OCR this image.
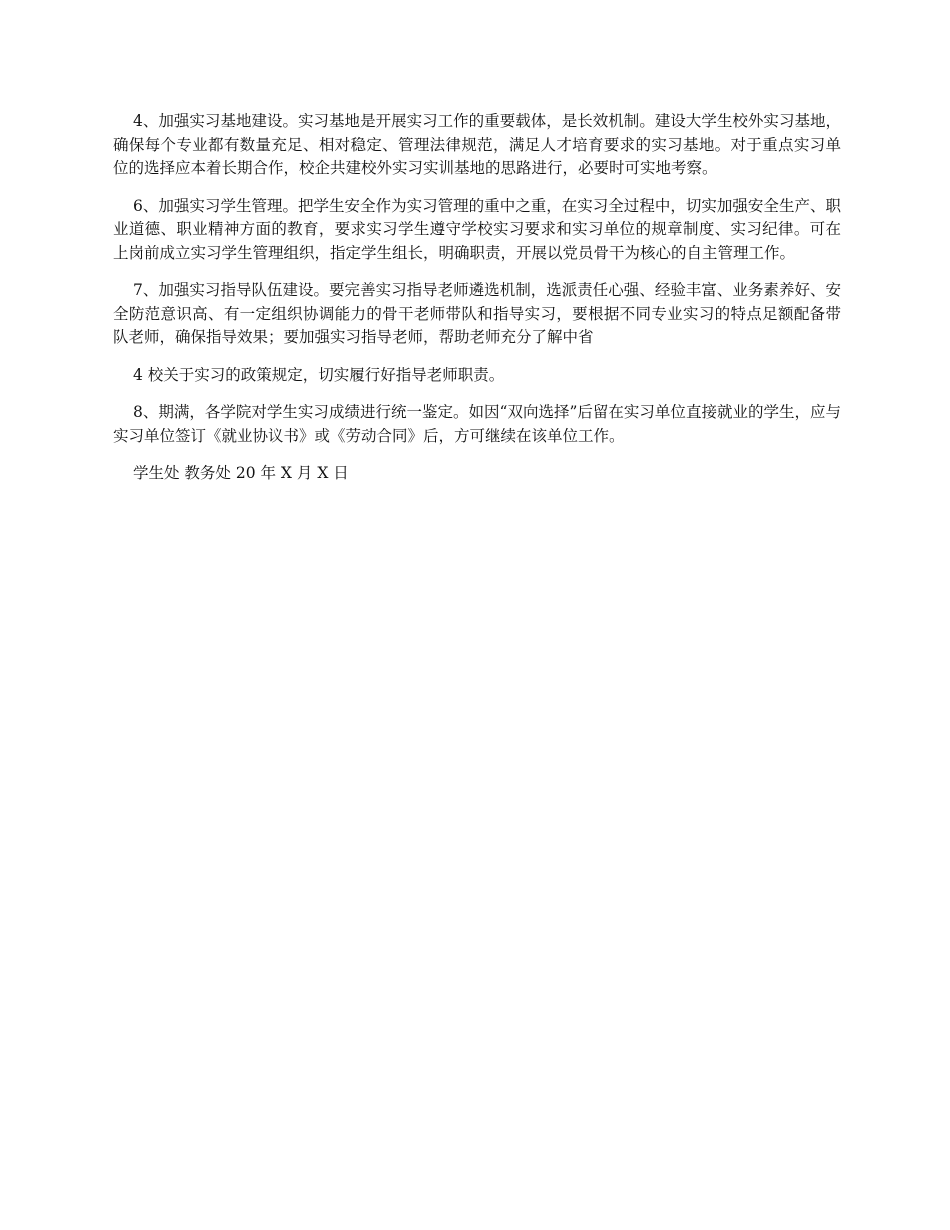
4、加强实习基地建设。实习基地是开展实习工作的重要载体，是长效机制。建设大学生校外实习基地，确保每个专业都有数量充足、相对稳定、管理法律规范，满足人才培育要求的实习基地。对于重点实习单位的选择应本着长期合作，校企共建校外实习实训基地的思路进行，必要时可实地考察。

6、加强实习学生管理。把学生安全作为实习管理的重中之重，在实习全过程中，切实加强安全生产、职业道德、职业精神方面的教育，要求实习学生遵守学校实习要求和实习单位的规章制度、实习纪律。可在上岗前成立实习学生管理组织，指定学生组长，明确职责，开展以党员骨干为核心的自主管理工作。

7、加强实习指导队伍建设。要完善实习指导老师遴选机制，选派责任心强、经验丰富、业务素养好、安全防范意识高、有一定组织协调能力的骨干老师带队和指导实习，要根据不同专业实习的特点足额配备带队老师，确保指导效果；要加强实习指导老师，帮助老师充分了解中省

4 校关于实习的政策规定，切实履行好指导老师职责。

8、期满，各学院对学生实习成绩进行统一鉴定。如因“双向选择”后留在实习单位直接就业的学生，应与实习单位签订《就业协议书》或《劳动合同》后，方可继续在该单位工作。

学生处 教务处 20 年 X 月 X 日
